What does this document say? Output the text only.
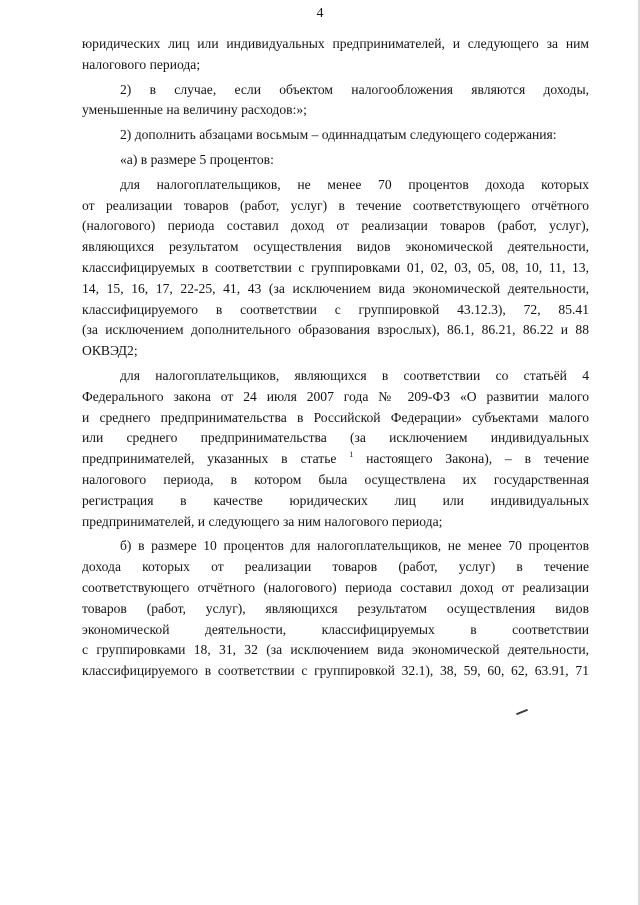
4
юридических лиц или индивидуальных предпринимателей, и следующего за ним
налогового периода;
2) в случае, если объектом налогообложения являются доходы,
уменьшенные на величину расходов:»;
2) дополнить абзацами восьмым – одиннадцатым следующего содержания:
«а) в размере 5 процентов:
для налогоплательщиков, не менее 70 процентов дохода которых
от реализации товаров (работ, услуг) в течение соответствующего отчётного
(налогового) периода составил доход от реализации товаров (работ, услуг),
являющихся результатом осуществления видов экономической деятельности,
классифицируемых в соответствии с группировками 01, 02, 03, 05, 08, 10, 11, 13,
14, 15, 16, 17, 22-25, 41, 43 (за исключением вида экономической деятельности,
классифицируемого в соответствии с группировкой 43.12.3), 72, 85.41
(за исключением дополнительного образования взрослых), 86.1, 86.21, 86.22 и 88
ОКВЭД2;
для налогоплательщиков, являющихся в соответствии со статьёй 4
Федерального закона от 24 июля 2007 года № 209-ФЗ «О развитии малого
и среднего предпринимательства в Российской Федерации» субъектами малого
или среднего предпринимательства (за исключением индивидуальных
предпринимателей, указанных в статье $^1$ настоящего Закона), – в течение
налогового периода, в котором была осуществлена их государственная
регистрация в качестве юридических лиц или индивидуальных
предпринимателей, и следующего за ним налогового периода;
б) в размере 10 процентов для налогоплательщиков, не менее 70 процентов
дохода которых от реализации товаров (работ, услуг) в течение
соответствующего отчётного (налогового) периода составил доход от реализации
товаров (работ, услуг), являющихся результатом осуществления видов
экономической деятельности, классифицируемых в соответствии
с группировками 18, 31, 32 (за исключением вида экономической деятельности,
классифицируемого в соответствии с группировкой 32.1), 38, 59, 60, 62, 63.91, 71
